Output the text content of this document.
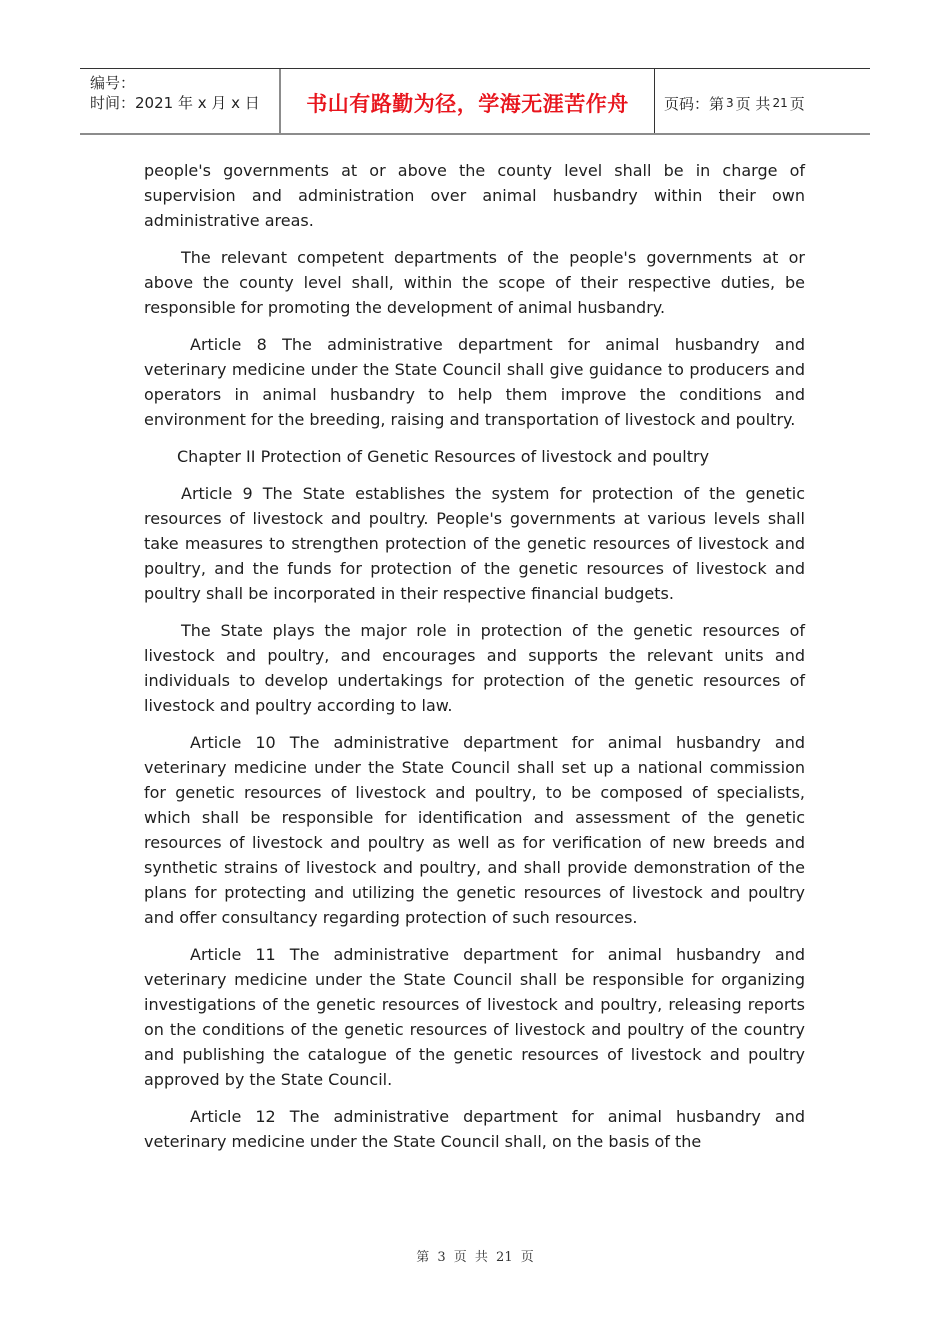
编号：
时间：2021 年 x 月 x 日	书山有路勤为径，学海无涯苦作舟 页码：第 3 页 共 21 页

people's governments at or above the county level shall be in charge of supervision and administration over animal husbandry within their own administrative areas.

The relevant competent departments of the people's governments at or above the county level shall, within the scope of their respective duties, be responsible for promoting the development of animal husbandry.

Article 8 The administrative department for animal husbandry and veterinary medicine under the State Council shall give guidance to producers and operators in animal husbandry to help them improve the conditions and environment for the breeding, raising and transportation of livestock and poultry.

Chapter II Protection of Genetic Resources of livestock and poultry

Article 9 The State establishes the system for protection of the genetic resources of livestock and poultry. People's governments at various levels shall take measures to strengthen protection of the genetic resources of livestock and poultry, and the funds for protection of the genetic resources of livestock and poultry shall be incorporated in their respective financial budgets.

The State plays the major role in protection of the genetic resources of livestock and poultry, and encourages and supports the relevant units and individuals to develop undertakings for protection of the genetic resources of livestock and poultry according to law.

Article 10 The administrative department for animal husbandry and veterinary medicine under the State Council shall set up a national commission for genetic resources of livestock and poultry, to be composed of specialists, which shall be responsible for identification and assessment of the genetic resources of livestock and poultry as well as for verification of new breeds and synthetic strains of livestock and poultry, and shall provide demonstration of the plans for protecting and utilizing the genetic resources of livestock and poultry and offer consultancy regarding protection of such resources.

Article 11 The administrative department for animal husbandry and veterinary medicine under the State Council shall be responsible for organizing investigations of the genetic resources of livestock and poultry, releasing reports on the conditions of the genetic resources of livestock and poultry of the country and publishing the catalogue of the genetic resources of livestock and poultry approved by the State Council.

Article 12 The administrative department for animal husbandry and veterinary medicine under the State Council shall, on the basis of the

第 3 页 共 21 页
